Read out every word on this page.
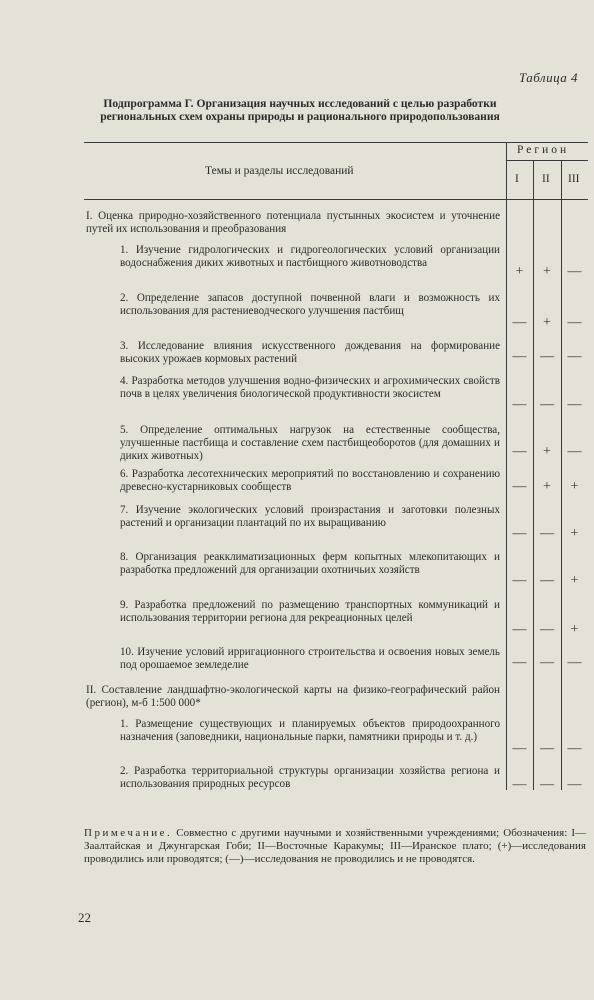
Таблица 4
Подпрограмма Г. Организация научных исследований с целью разработки региональных схем охраны природы и рационального природопользования
Темы и разделы исследований
Регион
I II III
I. Оценка природно-хозяйственного потенциала пустынных экосистем и уточнение путей их использования и преобразования
1. Изучение гидрологических и гидрогеологических условий организации водоснабжения диких животных и пастбищного животноводства
+	+	—
2. Определение запасов доступной почвенной влаги и возможность их использования для растениеводческого улучшения пастбищ
—	+	—
3. Исследование влияния искусственного дождевания на формирование высоких урожаев кормовых растений	— — —
4. Разработка методов улучшения водно-физических и агрохимических свойств почв в целях увеличения биологической продуктивности экосистем
— — —
5. Определение оптимальных нагрузок на естественные сообщества, улучшенные пастбища и составление схем пастбищеоборотов (для домашних и диких животных)	—	+	—
6. Разработка лесотехнических мероприятий по восстановлению и сохранению древесно-кустарниковых сообществ	—	+	+
7. Изучение экологических условий произрастания и заготовки полезных растений и организации плантаций по их выращиванию
— —	+
8. Организация реакклиматизационных ферм копытных млекопитающих и разработка предложений для организации охотничьих хозяйств
— —	+
9. Разработка предложений по размещению транспортных коммуникаций и использования территории региона для рекреационных целей
— —	+
10. Изучение условий ирригационного строительства и освоения новых земель под орошаемое земледелие	— — —
II. Составление ландшафтно-экологической карты на физико-географический район (регион), м-б 1:500 000*
1. Размещение существующих и планируемых объектов природоохранного назначения (заповедники, национальные парки, памятники природы и т. д.)
— — —
2. Разработка территориальной структуры организации хозяйства региона и использования природных ресурсов	— — —
Примечание. Совместно с другими научными и хозяйственными учреждениями; Обозначения: I—Заалтайская и Джунгарская Гоби; II—Восточные Каракумы; III—Иранское плато; (+)—исследования проводились или проводятся; (—)—исследования не проводились и не проводятся.
22
